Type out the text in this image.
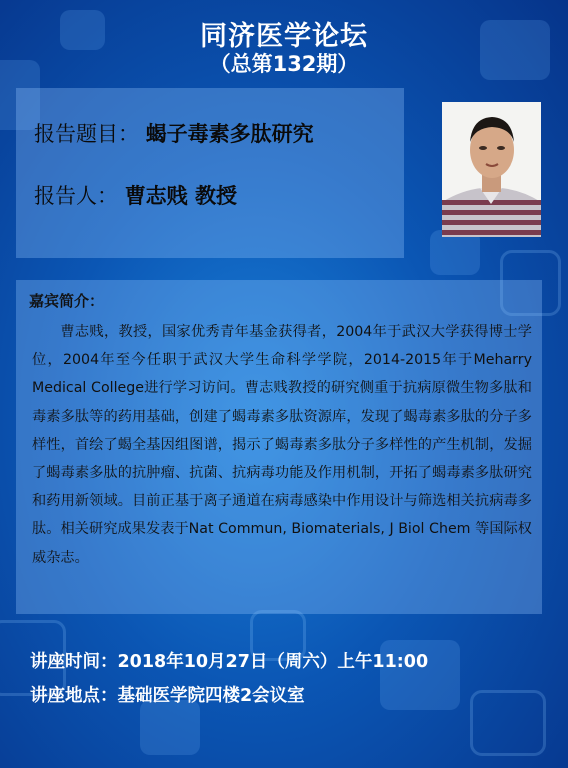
同济医学论坛
（总第132期）
报告题目： 蝎子毒素多肽研究
报告人： 曹志贱 教授
嘉宾简介：
曹志贱，教授，国家优秀青年基金获得者，2004年于武汉大学获得博士学位，2004年至今任职于武汉大学生命科学学院，2014-2015年于Meharry Medical College进行学习访问。曹志贱教授的研究侧重于抗病原微生物多肽和毒素多肽等的药用基础，创建了蝎毒素多肽资源库，发现了蝎毒素多肽的分子多样性，首绘了蝎全基因组图谱，揭示了蝎毒素多肽分子多样性的产生机制，发掘了蝎毒素多肽的抗肿瘤、抗菌、抗病毒功能及作用机制，开拓了蝎毒素多肽研究和药用新领域。目前正基于离子通道在病毒感染中作用设计与筛选相关抗病毒多肽。相关研究成果发表于Nat Commun, Biomaterials, J Biol Chem 等国际权威杂志。
讲座时间：2018年10月27日（周六）上午11:00
讲座地点：基础医学院四楼2会议室
